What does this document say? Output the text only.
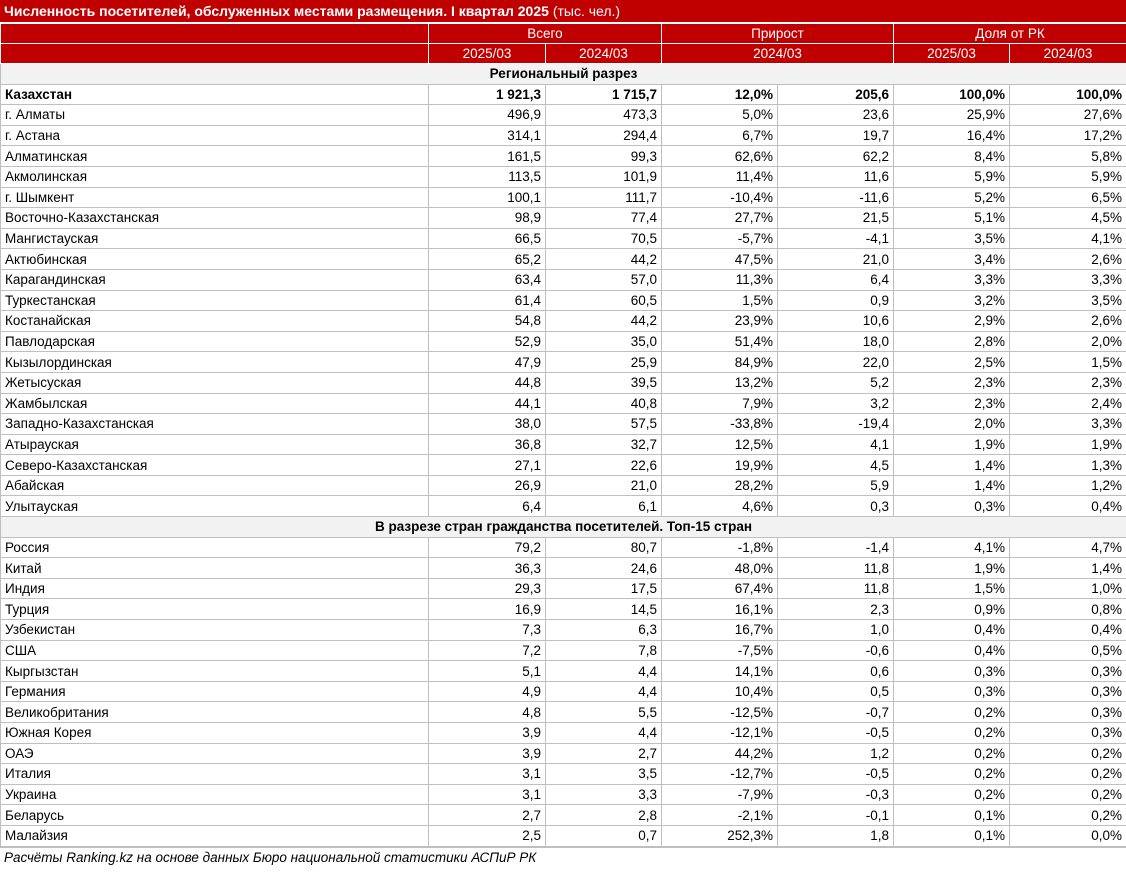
Численность посетителей, обслуженных местами размещения. I квартал 2025 (тыс. чел.)
	Всего		Прирост		Доля от РК	
	2025/03	2024/03	2024/03		2025/03	2024/03
Региональный разрез						
Казахстан	1 921,3	1 715,7	12,0%	205,6	100,0%	100,0%
г. Алматы	496,9	473,3	5,0%	23,6	25,9%	27,6%
г. Астана	314,1	294,4	6,7%	19,7	16,4%	17,2%
Алматинская	161,5	99,3	62,6%	62,2	8,4%	5,8%
Акмолинская	113,5	101,9	11,4%	11,6	5,9%	5,9%
г. Шымкент	100,1	111,7	-10,4%	-11,6	5,2%	6,5%
Восточно-Казахстанская	98,9	77,4	27,7%	21,5	5,1%	4,5%
Мангистауская	66,5	70,5	-5,7%	-4,1	3,5%	4,1%
Актюбинская	65,2	44,2	47,5%	21,0	3,4%	2,6%
Карагандинская	63,4	57,0	11,3%	6,4	3,3%	3,3%
Туркестанская	61,4	60,5	1,5%	0,9	3,2%	3,5%
Костанайская	54,8	44,2	23,9%	10,6	2,9%	2,6%
Павлодарская	52,9	35,0	51,4%	18,0	2,8%	2,0%
Кызылординская	47,9	25,9	84,9%	22,0	2,5%	1,5%
Жетысуская	44,8	39,5	13,2%	5,2	2,3%	2,3%
Жамбылская	44,1	40,8	7,9%	3,2	2,3%	2,4%
Западно-Казахстанская	38,0	57,5	-33,8%	-19,4	2,0%	3,3%
Атырауская	36,8	32,7	12,5%	4,1	1,9%	1,9%
Северо-Казахстанская	27,1	22,6	19,9%	4,5	1,4%	1,3%
Абайская	26,9	21,0	28,2%	5,9	1,4%	1,2%
Улытауская	6,4	6,1	4,6%	0,3	0,3%	0,4%
В разрезе стран гражданства посетителей. Топ-15 стран						
Россия	79,2	80,7	-1,8%	-1,4	4,1%	4,7%
Китай	36,3	24,6	48,0%	11,8	1,9%	1,4%
Индия	29,3	17,5	67,4%	11,8	1,5%	1,0%
Турция	16,9	14,5	16,1%	2,3	0,9%	0,8%
Узбекистан	7,3	6,3	16,7%	1,0	0,4%	0,4%
США	7,2	7,8	-7,5%	-0,6	0,4%	0,5%
Кыргызстан	5,1	4,4	14,1%	0,6	0,3%	0,3%
Германия	4,9	4,4	10,4%	0,5	0,3%	0,3%
Великобритания	4,8	5,5	-12,5%	-0,7	0,2%	0,3%
Южная Корея	3,9	4,4	-12,1%	-0,5	0,2%	0,3%
ОАЭ	3,9	2,7	44,2%	1,2	0,2%	0,2%
Италия	3,1	3,5	-12,7%	-0,5	0,2%	0,2%
Украина	3,1	3,3	-7,9%	-0,3	0,2%	0,2%
Беларусь	2,7	2,8	-2,1%	-0,1	0,1%	0,2%
Малайзия	2,5	0,7	252,3%	1,8	0,1%	0,0%
Расчёты Ranking.kz на основе данных Бюро национальной статистики АСПиР РК
